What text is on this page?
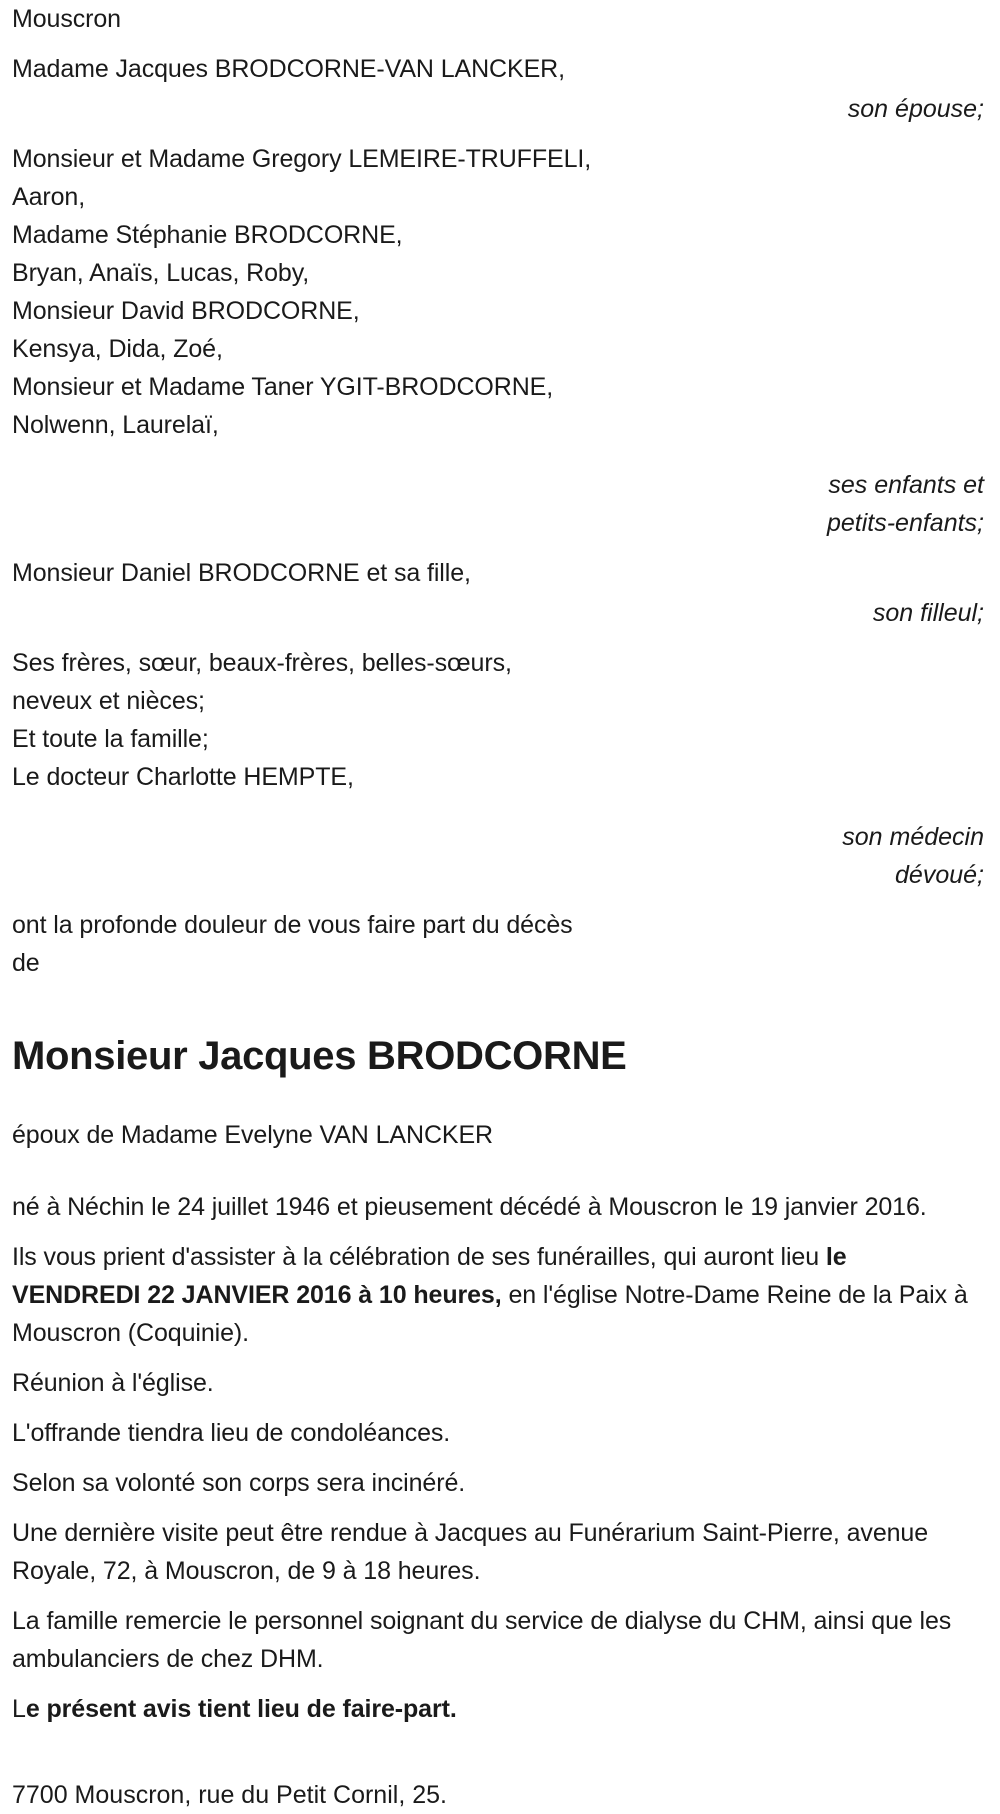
Mouscron
Madame Jacques BRODCORNE-VAN LANCKER,
son épouse;
Monsieur et Madame Gregory LEMEIRE-TRUFFELI,
Aaron,
Madame Stéphanie BRODCORNE,
Bryan, Anaïs, Lucas, Roby,
Monsieur David BRODCORNE,
Kensya, Dida, Zoé,
Monsieur et Madame Taner YGIT-BRODCORNE,
Nolwenn, Laurelaï,
ses enfants et
petits-enfants;
Monsieur Daniel BRODCORNE et sa fille,
son filleul;
Ses frères, sœur, beaux-frères, belles-sœurs,
neveux et nièces;
Et toute la famille;
Le docteur Charlotte HEMPTE,
son médecin
dévoué;
ont la profonde douleur de vous faire part du décès
de
Monsieur Jacques BRODCORNE
époux de Madame Evelyne VAN LANCKER
né à Néchin le 24 juillet 1946 et pieusement décédé à Mouscron le 19 janvier 2016.
Ils vous prient d'assister à la célébration de ses funérailles, qui auront lieu le VENDREDI 22 JANVIER 2016 à 10 heures, en l'église Notre-Dame Reine de la Paix à Mouscron (Coquinie).
Réunion à l'église.
L'offrande tiendra lieu de condoléances.
Selon sa volonté son corps sera incinéré.
Une dernière visite peut être rendue à Jacques au Funérarium Saint-Pierre, avenue Royale, 72, à Mouscron, de 9 à 18 heures.
La famille remercie le personnel soignant du service de dialyse du CHM, ainsi que les ambulanciers de chez DHM.
Le présent avis tient lieu de faire-part.
7700 Mouscron, rue du Petit Cornil, 25.
